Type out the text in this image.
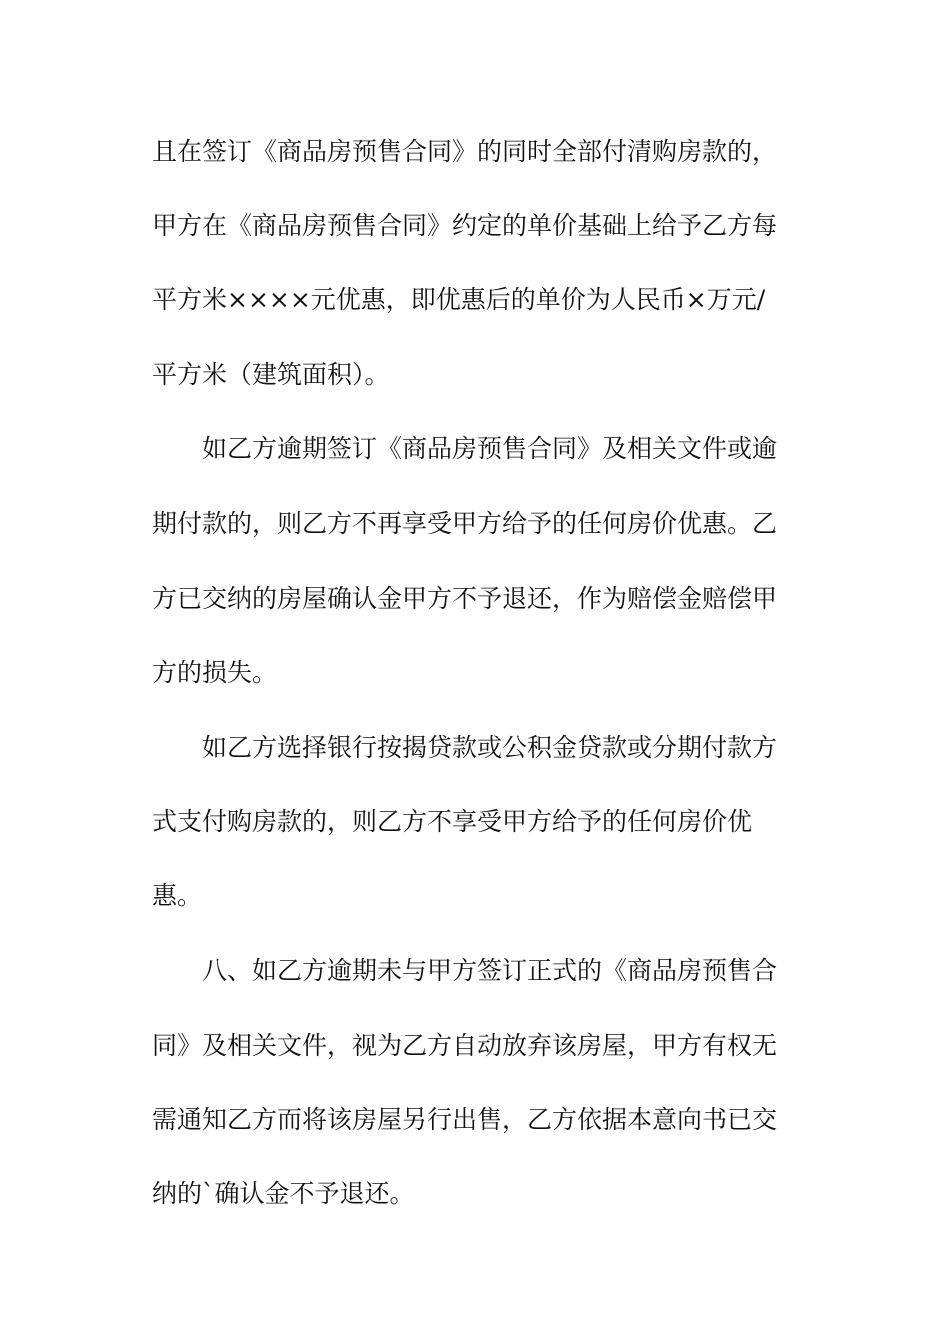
且在签订《商品房预售合同》的同时全部付清购房款的，
甲方在《商品房预售合同》约定的单价基础上给予乙方每
平方米××××元优惠，即优惠后的单价为人民币×万元/
平方米（建筑面积）。
如乙方逾期签订《商品房预售合同》及相关文件或逾
期付款的，则乙方不再享受甲方给予的任何房价优惠。乙
方已交纳的房屋确认金甲方不予退还，作为赔偿金赔偿甲
方的损失。
如乙方选择银行按揭贷款或公积金贷款或分期付款方
式支付购房款的，则乙方不享受甲方给予的任何房价优
惠。
八、如乙方逾期未与甲方签订正式的《商品房预售合
同》及相关文件，视为乙方自动放弃该房屋，甲方有权无
需通知乙方而将该房屋另行出售，乙方依据本意向书已交
纳的`确认金不予退还。
